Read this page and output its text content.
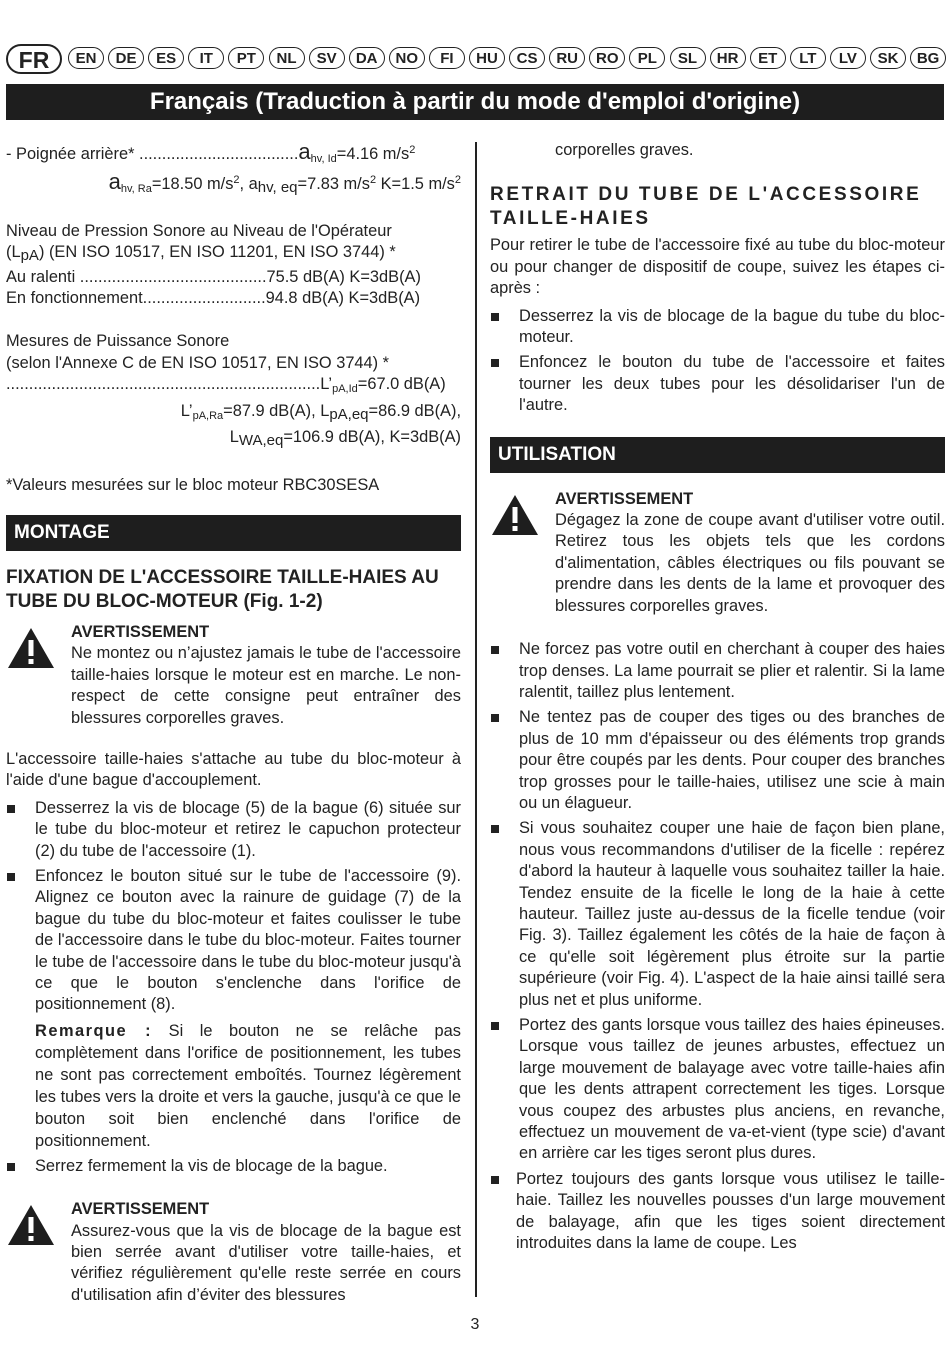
FR	EN	DE	ES	IT	PT	NL	SV	DA	NO	FI	HU	CS	RU	RO	PL	SL	HR	ET	LT	LV	SK	BG
Français (Traduction à partir du mode d'emploi d'origine)

- Poignée arrière* $...................................a_{hv, Id}=4.16$ $m/s^2$

$a_{hv, Ra}=18.50$ $m/s^2$, ahv, eq=7.83 $m/s^2$ K=1.5 $m/s^2$

Niveau de Pression Sonore au Niveau de l'Opérateur

(LpA) (EN ISO 10517, EN ISO 11201, EN ISO 3744) *

Au ralenti .........................................75.5 dB(A) K=3dB(A)

En fonctionnement...........................94.8 dB(A) K=3dB(A)

Mesures de Puissance Sonore

(selon l'Annexe C de EN ISO 10517, EN ISO 3744) *

$.....................................................................L’_{pA,Id}=67.0$ dB(A)

$L’_{pA,Ra}=87.9$ dB(A), LpA,eq=86.9 dB(A),

LWA,eq=106.9 dB(A), K=3dB(A)

*Valeurs mesurées sur le bloc moteur RBC30SESA

MONTAGE

FIXATION DE L'ACCESSOIRE TAILLE-HAIES AU TUBE DU BLOC-MOTEUR (Fig. 1-2)

AVERTISSEMENT

Ne montez ou n’ajustez jamais le tube de l'accessoire taille-haies lorsque le moteur est en marche. Le non-respect de cette consigne peut entraîner des blessures corporelles graves.

L'accessoire taille-haies s'attache au tube du bloc-moteur à l'aide d'une bague d'accouplement.

Desserrez la vis de blocage (5) de la bague (6) située sur le tube du bloc-moteur et retirez le capuchon protecteur (2) du tube de l'accessoire (1).
Enfoncez le bouton situé sur le tube de l'accessoire (9). Alignez ce bouton avec la rainure de guidage (7) de la bague du tube du bloc-moteur et faites coulisser le tube de l'accessoire dans le tube du bloc-moteur. Faites tourner le tube de l'accessoire dans le tube du bloc-moteur jusqu'à ce que le bouton s'enclenche dans l'orifice de positionnement (8).

Remarque : Si le bouton ne se relâche pas complètement dans l'orifice de positionnement, les tubes ne sont pas correctement emboîtés. Tournez légèrement les tubes vers la droite et vers la gauche, jusqu'à ce que le bouton soit bien enclenché dans l'orifice de positionnement.

Serrez fermement la vis de blocage de la bague.

AVERTISSEMENT

Assurez-vous que la vis de blocage de la bague est bien serrée avant d'utiliser votre taille-haies, et vérifiez régulièrement qu'elle reste serrée en cours d'utilisation afin d’éviter des blessures

corporelles graves.

RETRAIT DU TUBE DE L'ACCESSOIRE TAILLE-HAIES

Pour retirer le tube de l'accessoire fixé au tube du bloc-moteur ou pour changer de dispositif de coupe, suivez les étapes ci-après :

Desserrez la vis de blocage de la bague du tube du bloc-moteur.
Enfoncez le bouton du tube de l'accessoire et faites tourner les deux tubes pour les désolidariser l'un de l'autre.
UTILISATION

AVERTISSEMENT

Dégagez la zone de coupe avant d'utiliser votre outil. Retirez tous les objets tels que les cordons d'alimentation, câbles électriques ou fils pouvant se prendre dans les dents de la lame et provoquer des blessures corporelles graves.

Ne forcez pas votre outil en cherchant à couper des haies trop denses. La lame pourrait se plier et ralentir. Si la lame ralentit, taillez plus lentement.
Ne tentez pas de couper des tiges ou des branches de plus de 10 mm d'épaisseur ou des éléments trop grands pour être coupés par les dents. Pour couper des branches trop grosses pour le taille-haies, utilisez une scie à main ou un élagueur.
Si vous souhaitez couper une haie de façon bien plane, nous vous recommandons d'utiliser de la ficelle : repérez d'abord la hauteur à laquelle vous souhaitez tailler la haie. Tendez ensuite de la ficelle le long de la haie à cette hauteur. Taillez juste au-dessus de la ficelle tendue (voir Fig. 3). Taillez également les côtés de la haie de façon à ce qu'elle soit légèrement plus étroite sur la partie supérieure (voir Fig. 4). L'aspect de la haie ainsi taillé sera plus net et plus uniforme.
Portez des gants lorsque vous taillez des haies épineuses. Lorsque vous taillez de jeunes arbustes, effectuez un large mouvement de balayage avec votre taille-haies afin que les dents attrapent correctement les tiges. Lorsque vous coupez des arbustes plus anciens, en revanche, effectuez un mouvement de va-et-vient (type scie) d'avant en arrière car les tiges seront plus dures.
Portez toujours des gants lorsque vous utilisez le taille-haie. Taillez les nouvelles pousses d'un large mouvement de balayage, afin que les tiges soient directement introduites dans la lame de coupe. Les
3
